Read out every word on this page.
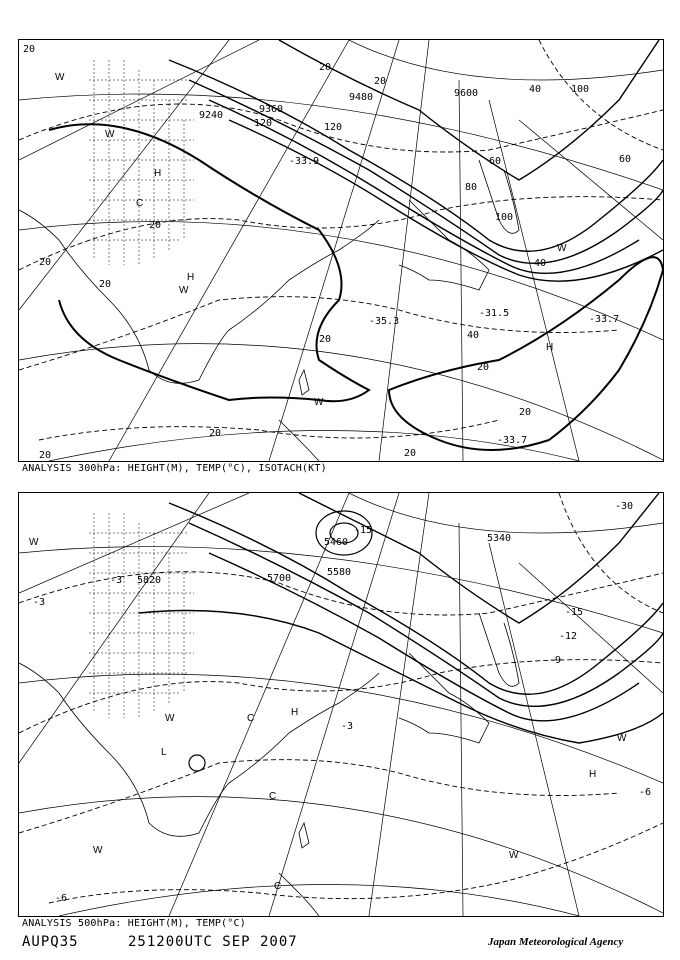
9240
9360
9480	9600
20
20
20
20
20
20
20	20
20
20
20
20
40
40
40
60
60
80
100
100
120
120
-31.5
-33.7
-35.3
-33.9
-33.7
W
W
W
W
W
H
H
H
C
ANALYSIS 300hPa: HEIGHT(M), TEMP(°C), ISOTACH(KT)
5340
5460
5580
5700
5820
-3
-3
-3
-6
-6
-9
-12
-15
-15
-30
W
W
W	W
W
H
H
C
C
C
L
ANALYSIS 500hPa: HEIGHT(M), TEMP(°C)
AUPQ35	251200UTC SEP 2007	Japan Meteorological Agency
